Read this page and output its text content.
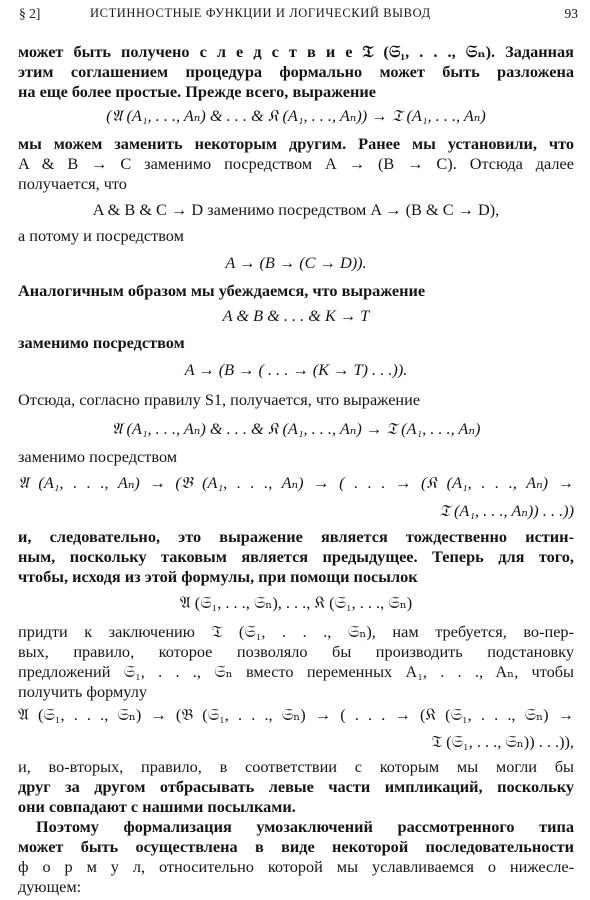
§ 2]	ИСТИННОСТНЫЕ ФУНКЦИИ И ЛОГИЧЕСКИЙ ВЫВОД	93
может быть получено с л е д с т в и е 𝔗 (𝔖₁, . . ., 𝔖ₙ). Заданная
этим соглашением процедура формально может быть разложена
на еще более простые. Прежде всего, выражение
(𝔄 (A₁, . . ., Aₙ) & . . . & 𝔎 (A₁, . . ., Aₙ)) → 𝔗 (A₁, . . ., Aₙ)
мы можем заменить некоторым другим. Ранее мы установили, что
A & B → C заменимо посредством A → (B → C). Отсюда далее
получается, что
A & B & C → D заменимо посредством A → (B & C → D),
а потому и посредством
A → (B → (C → D)).
Аналогичным образом мы убеждаемся, что выражение
A & B & . . . & K → T
заменимо посредством
A → (B → ( . . . → (K → T) . . .)).
Отсюда, согласно правилу S1, получается, что выражение
𝔄 (A₁, . . ., Aₙ) & . . . & 𝔎 (A₁, . . ., Aₙ) → 𝔗 (A₁, . . ., Aₙ)
заменимо посредством
𝔄 (A₁, . . ., Aₙ) → (𝔅 (A₁, . . ., Aₙ) → ( . . . → (𝔎 (A₁, . . ., Aₙ) →
𝔗 (A₁, . . ., Aₙ)) . . .))
и, следовательно, это выражение является тождественно истин-
ным, поскольку таковым является предыдущее. Теперь для того,
чтобы, исходя из этой формулы, при помощи посылок
𝔄 (𝔖₁, . . ., 𝔖ₙ), . . ., 𝔎 (𝔖₁, . . ., 𝔖ₙ)
придти к заключению 𝔗 (𝔖₁, . . ., 𝔖ₙ), нам требуется, во-пер-
вых, правило, которое позволяло бы производить подстановку
предложений 𝔖₁, . . ., 𝔖ₙ вместо переменных A₁, . . ., Aₙ, чтобы
получить формулу
𝔄 (𝔖₁, . . ., 𝔖ₙ) → (𝔅 (𝔖₁, . . ., 𝔖ₙ) → ( . . . → (𝔎 (𝔖₁, . . ., 𝔖ₙ) →
𝔗 (𝔖₁, . . ., 𝔖ₙ)) . . .)),
и, во-вторых, правило, в соответствии с которым мы могли бы
друг за другом отбрасывать левые части импликаций, поскольку
они совпадают с нашими посылками.
Поэтому формализация умозаключений рассмотренного типа
может быть осуществлена в виде некоторой последовательности
ф о р м у л, относительно которой мы уславливаемся о нижесле-
дующем:
